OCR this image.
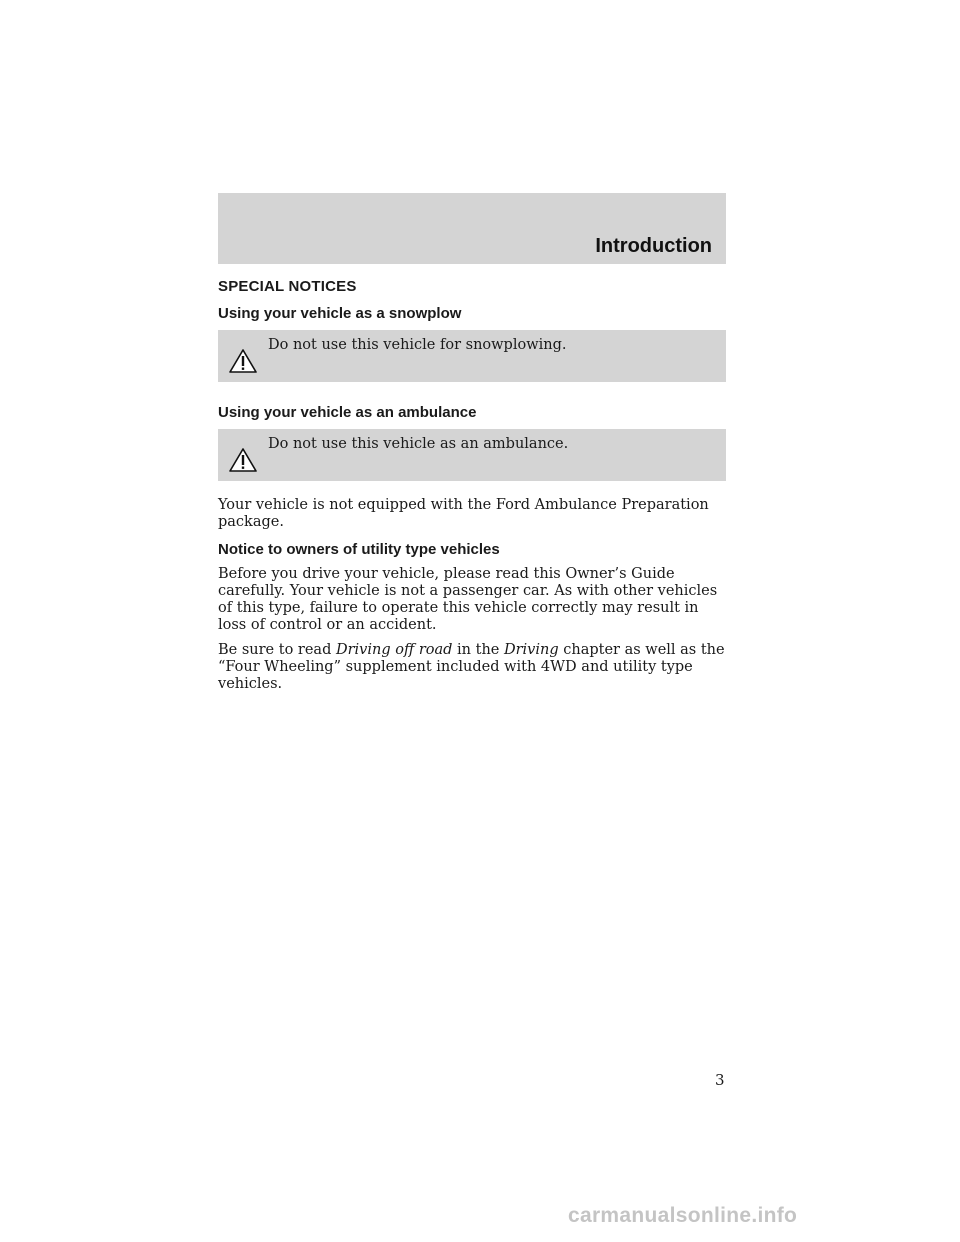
Introduction
SPECIAL NOTICES
Using your vehicle as a snowplow
Do not use this vehicle for snowplowing.
Using your vehicle as an ambulance
Do not use this vehicle as an ambulance.

Your vehicle is not equipped with the Ford Ambulance Preparation package.

Notice to owners of utility type vehicles

Before you drive your vehicle, please read this Owner’s Guide carefully. Your vehicle is not a passenger car. As with other vehicles of this type, failure to operate this vehicle correctly may result in loss of control or an accident.

Be sure to read Driving off road in the Driving chapter as well as the “Four Wheeling” supplement included with 4WD and utility type vehicles.

3
carmanualsonline.info
